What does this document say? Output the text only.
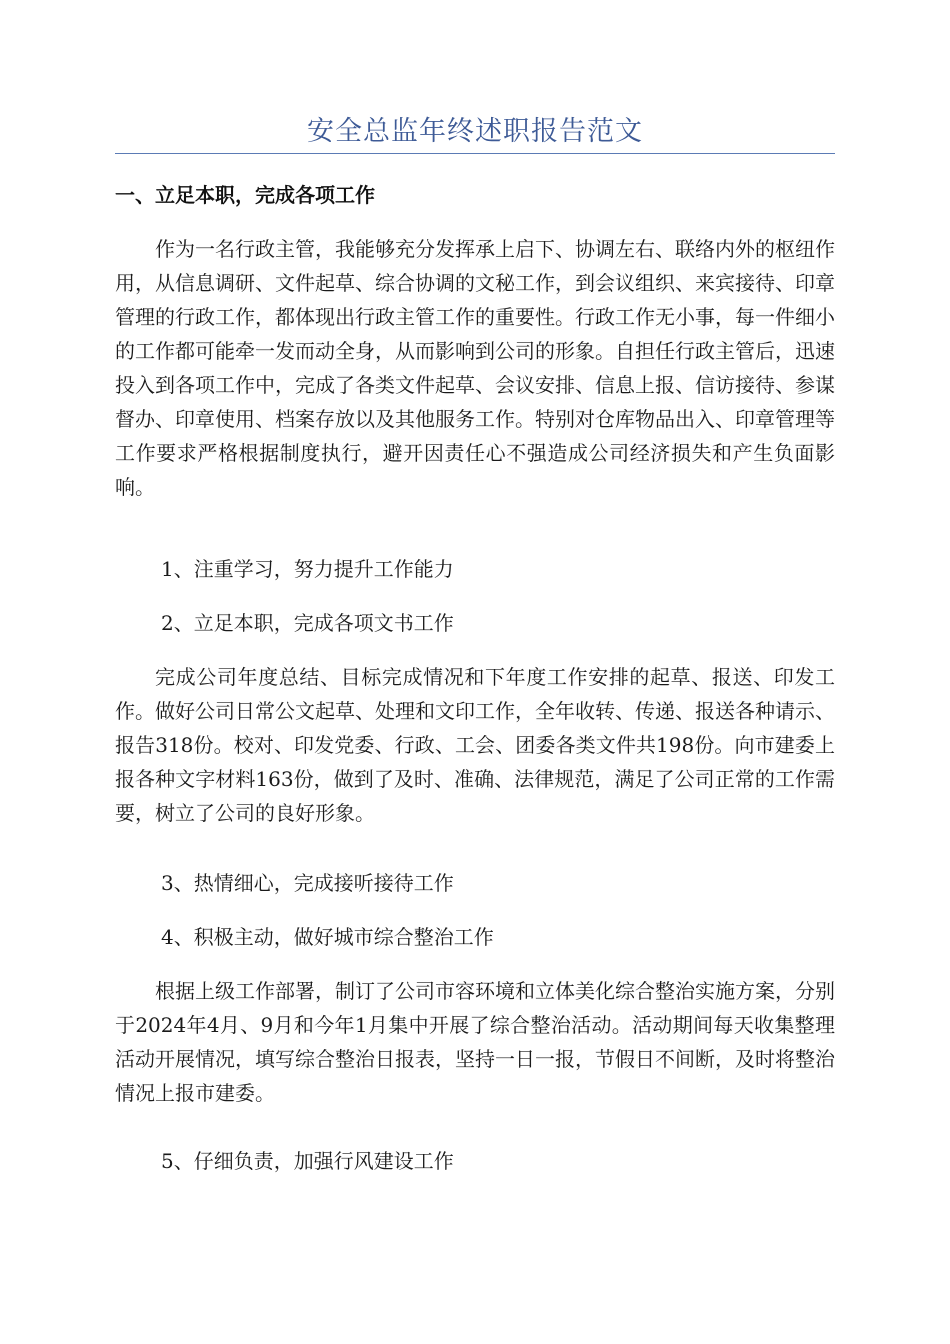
安全总监年终述职报告范文
一、立足本职，完成各项工作

作为一名行政主管，我能够充分发挥承上启下、协调左右、联络内外的枢纽作用，从信息调研、文件起草、综合协调的文秘工作，到会议组织、来宾接待、印章管理的行政工作，都体现出行政主管工作的重要性。行政工作无小事，每一件细小的工作都可能牵一发而动全身，从而影响到公司的形象。自担任行政主管后，迅速投入到各项工作中，完成了各类文件起草、会议安排、信息上报、信访接待、参谋督办、印章使用、档案存放以及其他服务工作。特别对仓库物品出入、印章管理等工作要求严格根据制度执行，避开因责任心不强造成公司经济损失和产生负面影响。

1、注重学习，努力提升工作能力

2、立足本职，完成各项文书工作

完成公司年度总结、目标完成情况和下年度工作安排的起草、报送、印发工作。做好公司日常公文起草、处理和文印工作，全年收转、传递、报送各种请示、报告318份。校对、印发党委、行政、工会、团委各类文件共198份。向市建委上报各种文字材料163份，做到了及时、准确、法律规范，满足了公司正常的工作需要，树立了公司的良好形象。

3、热情细心，完成接听接待工作

4、积极主动，做好城市综合整治工作

根据上级工作部署，制订了公司市容环境和立体美化综合整治实施方案，分别于2024年4月、9月和今年1月集中开展了综合整治活动。活动期间每天收集整理活动开展情况，填写综合整治日报表，坚持一日一报，节假日不间断，及时将整治情况上报市建委。

5、仔细负责，加强行风建设工作
